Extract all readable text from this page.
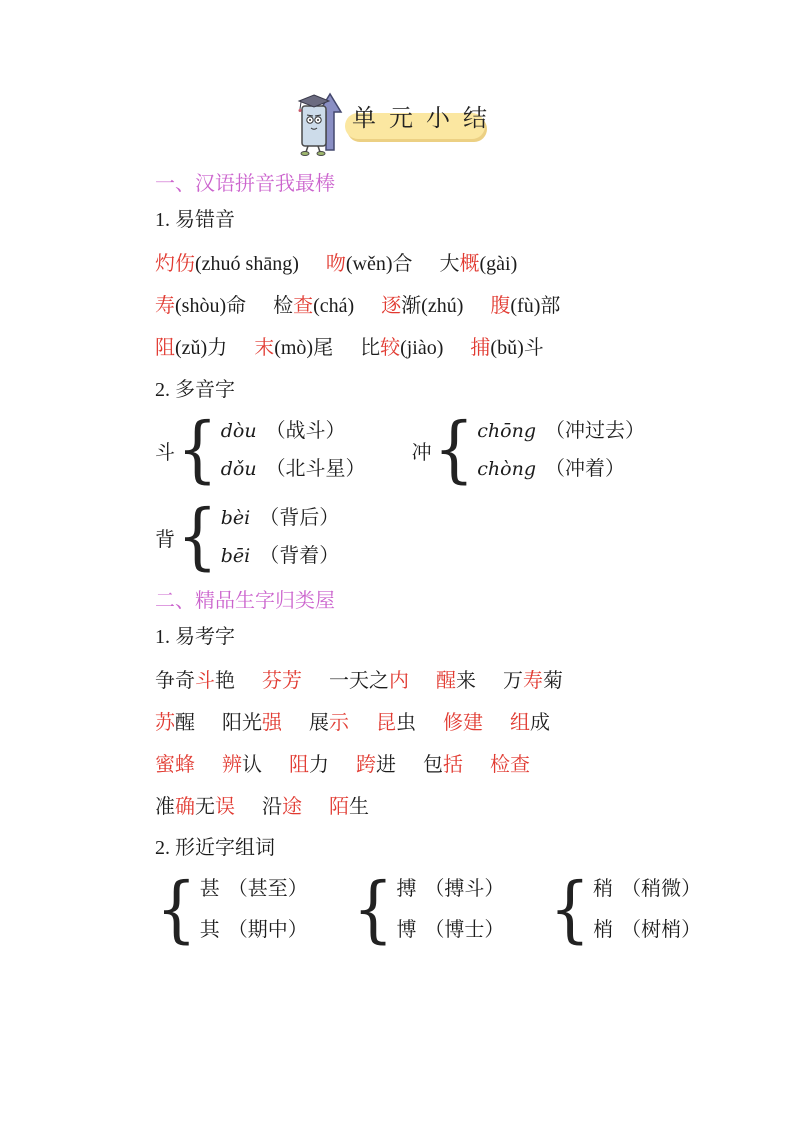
单元小结
一、汉语拼音我最棒
1. 易错音
灼伤(zhuó shāng) 吻(wěn)合 大概(gài)
寿(shòu)命 检查(chá) 逐渐(zhú) 腹(fù)部
阻(zǔ)力 末(mò)尾 比较(jiào) 捕(bǔ)斗
2. 多音字
斗 { dòu （战斗）
dǒu （北斗星）
冲 { chōng （冲过去）
chòng （冲着）
背 { bèi （背后）
bēi （背着）
二、精品生字归类屋
1. 易考字
争奇斗艳 芬芳 一天之内 醒来 万寿菊
苏醒 阳光强 展示 昆虫 修建 组成
蜜蜂 辨认 阻力 跨进 包括 检查
准确无误 沿途 陌生
2. 形近字组词
{ 甚 （甚至）
其 （期中） { 搏 （搏斗）
博 （博士） { 稍 （稍微）
梢 （树梢）
